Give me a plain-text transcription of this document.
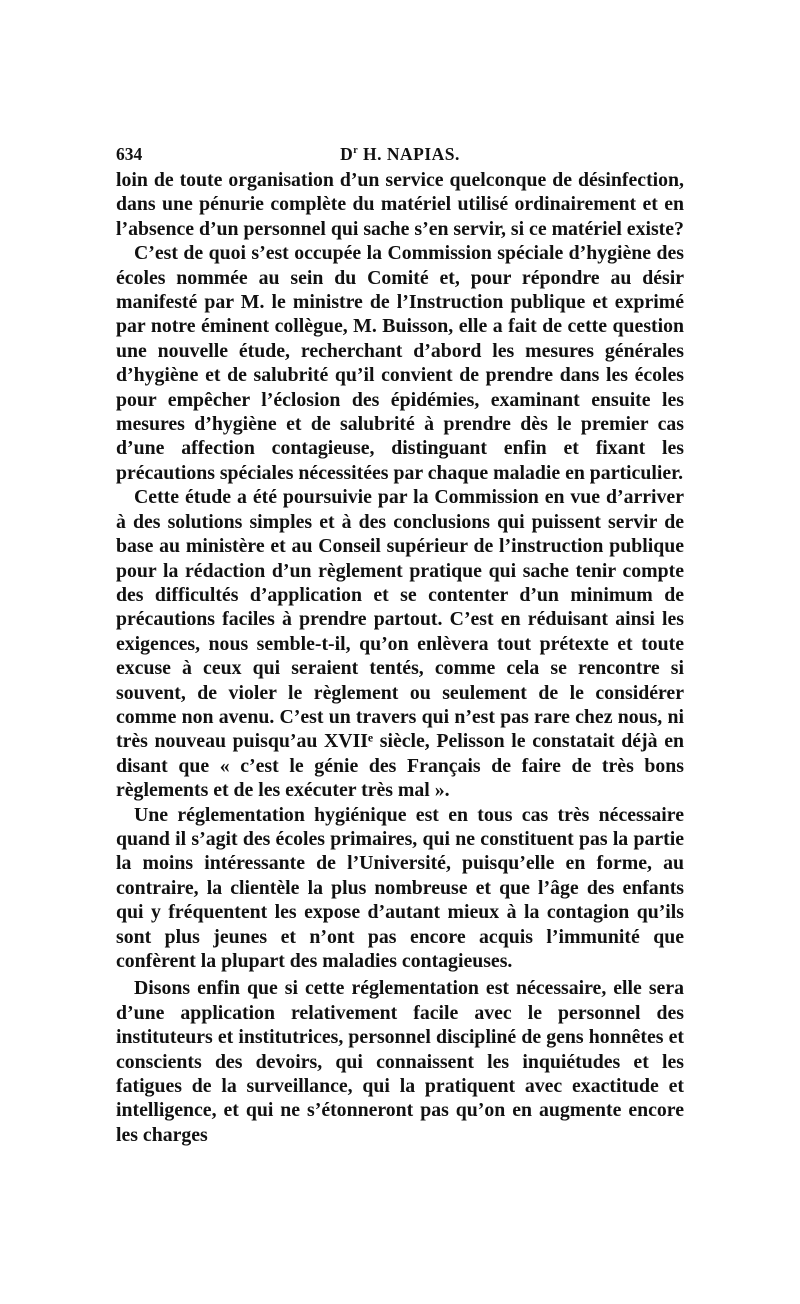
634	$D^r$ H. NAPIAS.

loin de toute organisation d’un service quelconque de désinfection, dans une pénurie complète du matériel utilisé ordinairement et en l’absence d’un personnel qui sache s’en servir, si ce matériel existe?

C’est de quoi s’est occupée la Commission spéciale d’hygiène des écoles nommée au sein du Comité et, pour répondre au désir manifesté par M. le ministre de l’Instruction publique et exprimé par notre éminent collègue, M. Buisson, elle a fait de cette question une nouvelle étude, recherchant d’abord les mesures générales d’hygiène et de salubrité qu’il convient de prendre dans les écoles pour empêcher l’éclosion des épidémies, examinant ensuite les mesures d’hygiène et de salubrité à prendre dès le premier cas d’une affection contagieuse, distinguant enfin et fixant les précautions spéciales nécessitées par chaque maladie en particulier.

Cette étude a été poursuivie par la Commission en vue d’arriver à des solutions simples et à des conclusions qui puissent servir de base au ministère et au Conseil supérieur de l’instruction publique pour la rédaction d’un règlement pratique qui sache tenir compte des difficultés d’application et se contenter d’un minimum de précautions faciles à prendre partout. C’est en réduisant ainsi les exigences, nous semble-t-il, qu’on enlèvera tout prétexte et toute excuse à ceux qui seraient tentés, comme cela se rencontre si souvent, de violer le règlement ou seulement de le considérer comme non avenu. C’est un travers qui n’est pas rare chez nous, ni très nouveau puisqu’au XVIIᵉ siècle, Pelisson le constatait déjà en disant que « c’est le génie des Français de faire de très bons règlements et de les exécuter très mal ».

Une réglementation hygiénique est en tous cas très nécessaire quand il s’agit des écoles primaires, qui ne constituent pas la partie la moins intéressante de l’Université, puisqu’elle en forme, au contraire, la clientèle la plus nombreuse et que l’âge des enfants qui y fréquentent les expose d’autant mieux à la contagion qu’ils sont plus jeunes et n’ont pas encore acquis l’immunité que confèrent la plupart des maladies contagieuses.

Disons enfin que si cette réglementation est nécessaire, elle sera d’une application relativement facile avec le personnel des instituteurs et institutrices, personnel discipliné de gens honnêtes et conscients des devoirs, qui connaissent les inquiétudes et les fatigues de la surveillance, qui la pratiquent avec exactitude et intelligence, et qui ne s’étonneront pas qu’on en augmente encore les charges
